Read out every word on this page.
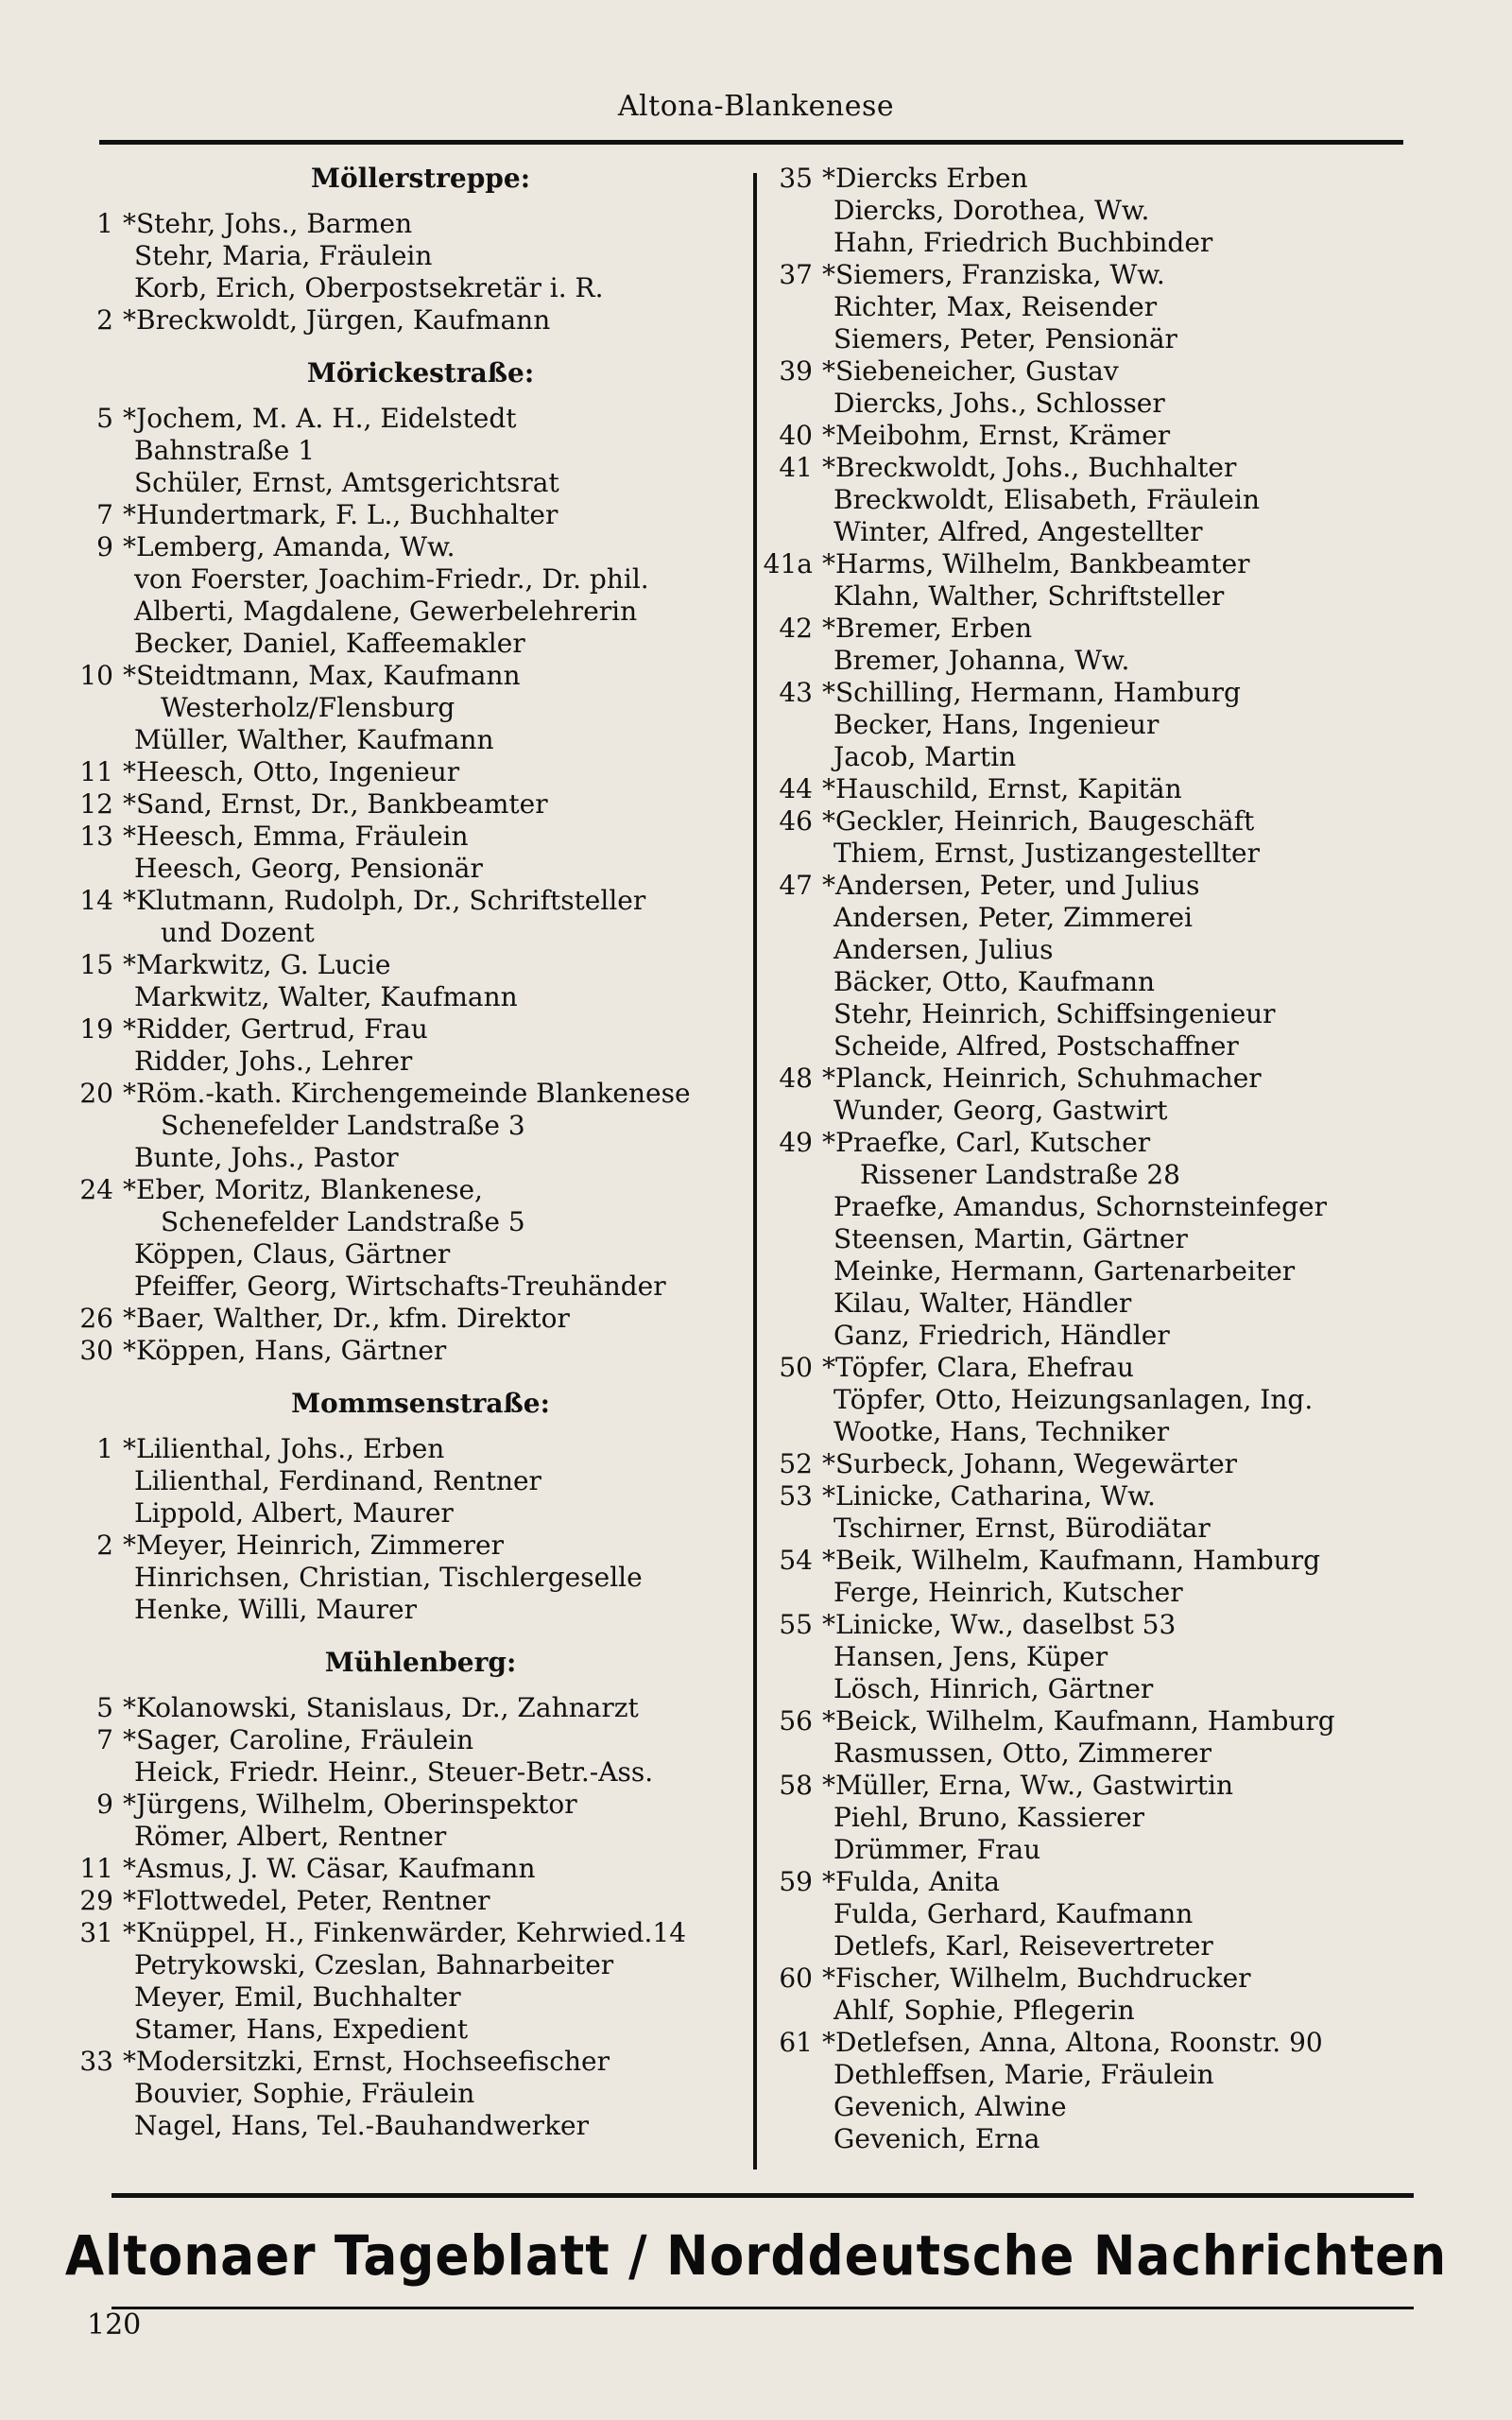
Altona-Blankenese
Möllerstreppe:
1 *Stehr, Johs., Barmen
Stehr, Maria, Fräulein
Korb, Erich, Oberpostsekretär i. R.
2 *Breckwoldt, Jürgen, Kaufmann
Mörickestraße:
5 *Jochem, M. A. H., Eidelstedt
Bahnstraße 1
Schüler, Ernst, Amtsgerichtsrat
7 *Hundertmark, F. L., Buchhalter
9 *Lemberg, Amanda, Ww.
von Foerster, Joachim-Friedr., Dr. phil.
Alberti, Magdalene, Gewerbelehrerin
Becker, Daniel, Kaffeemakler
10 *Steidtmann, Max, Kaufmann
Westerholz/Flensburg
Müller, Walther, Kaufmann
11 *Heesch, Otto, Ingenieur
12 *Sand, Ernst, Dr., Bankbeamter
13 *Heesch, Emma, Fräulein
Heesch, Georg, Pensionär
14 *Klutmann, Rudolph, Dr., Schriftsteller
und Dozent
15 *Markwitz, G. Lucie
Markwitz, Walter, Kaufmann
19 *Ridder, Gertrud, Frau
Ridder, Johs., Lehrer
20 *Röm.-kath. Kirchengemeinde Blankenese
Schenefelder Landstraße 3
Bunte, Johs., Pastor
24 *Eber, Moritz, Blankenese,
Schenefelder Landstraße 5
Köppen, Claus, Gärtner
Pfeiffer, Georg, Wirtschafts-Treuhänder
26 *Baer, Walther, Dr., kfm. Direktor
30 *Köppen, Hans, Gärtner
Mommsenstraße:
1 *Lilienthal, Johs., Erben
Lilienthal, Ferdinand, Rentner
Lippold, Albert, Maurer
2 *Meyer, Heinrich, Zimmerer
Hinrichsen, Christian, Tischlergeselle
Henke, Willi, Maurer
Mühlenberg:
5 *Kolanowski, Stanislaus, Dr., Zahnarzt
7 *Sager, Caroline, Fräulein
Heick, Friedr. Heinr., Steuer-Betr.-Ass.
9 *Jürgens, Wilhelm, Oberinspektor
Römer, Albert, Rentner
11 *Asmus, J. W. Cäsar, Kaufmann
29 *Flottwedel, Peter, Rentner
31 *Knüppel, H., Finkenwärder, Kehrwied.14
Petrykowski, Czeslan, Bahnarbeiter
Meyer, Emil, Buchhalter
Stamer, Hans, Expedient
33 *Modersitzki, Ernst, Hochseefischer
Bouvier, Sophie, Fräulein
Nagel, Hans, Tel.-Bauhandwerker
35 *Diercks Erben
Diercks, Dorothea, Ww.
Hahn, Friedrich Buchbinder
37 *Siemers, Franziska, Ww.
Richter, Max, Reisender
Siemers, Peter, Pensionär
39 *Siebeneicher, Gustav
Diercks, Johs., Schlosser
40 *Meibohm, Ernst, Krämer
41 *Breckwoldt, Johs., Buchhalter
Breckwoldt, Elisabeth, Fräulein
Winter, Alfred, Angestellter
41a *Harms, Wilhelm, Bankbeamter
Klahn, Walther, Schriftsteller
42 *Bremer, Erben
Bremer, Johanna, Ww.
43 *Schilling, Hermann, Hamburg
Becker, Hans, Ingenieur
Jacob, Martin
44 *Hauschild, Ernst, Kapitän
46 *Geckler, Heinrich, Baugeschäft
Thiem, Ernst, Justizangestellter
47 *Andersen, Peter, und Julius
Andersen, Peter, Zimmerei
Andersen, Julius
Bäcker, Otto, Kaufmann
Stehr, Heinrich, Schiffsingenieur
Scheide, Alfred, Postschaffner
48 *Planck, Heinrich, Schuhmacher
Wunder, Georg, Gastwirt
49 *Praefke, Carl, Kutscher
Rissener Landstraße 28
Praefke, Amandus, Schornsteinfeger
Steensen, Martin, Gärtner
Meinke, Hermann, Gartenarbeiter
Kilau, Walter, Händler
Ganz, Friedrich, Händler
50 *Töpfer, Clara, Ehefrau
Töpfer, Otto, Heizungsanlagen, Ing.
Wootke, Hans, Techniker
52 *Surbeck, Johann, Wegewärter
53 *Linicke, Catharina, Ww.
Tschirner, Ernst, Bürodiätar
54 *Beik, Wilhelm, Kaufmann, Hamburg
Ferge, Heinrich, Kutscher
55 *Linicke, Ww., daselbst 53
Hansen, Jens, Küper
Lösch, Hinrich, Gärtner
56 *Beick, Wilhelm, Kaufmann, Hamburg
Rasmussen, Otto, Zimmerer
58 *Müller, Erna, Ww., Gastwirtin
Piehl, Bruno, Kassierer
Drümmer, Frau
59 *Fulda, Anita
Fulda, Gerhard, Kaufmann
Detlefs, Karl, Reisevertreter
60 *Fischer, Wilhelm, Buchdrucker
Ahlf, Sophie, Pflegerin
61 *Detlefsen, Anna, Altona, Roonstr. 90
Dethleffsen, Marie, Fräulein
Gevenich, Alwine
Gevenich, Erna
Altonaer Tageblatt / Norddeutsche Nachrichten
120
